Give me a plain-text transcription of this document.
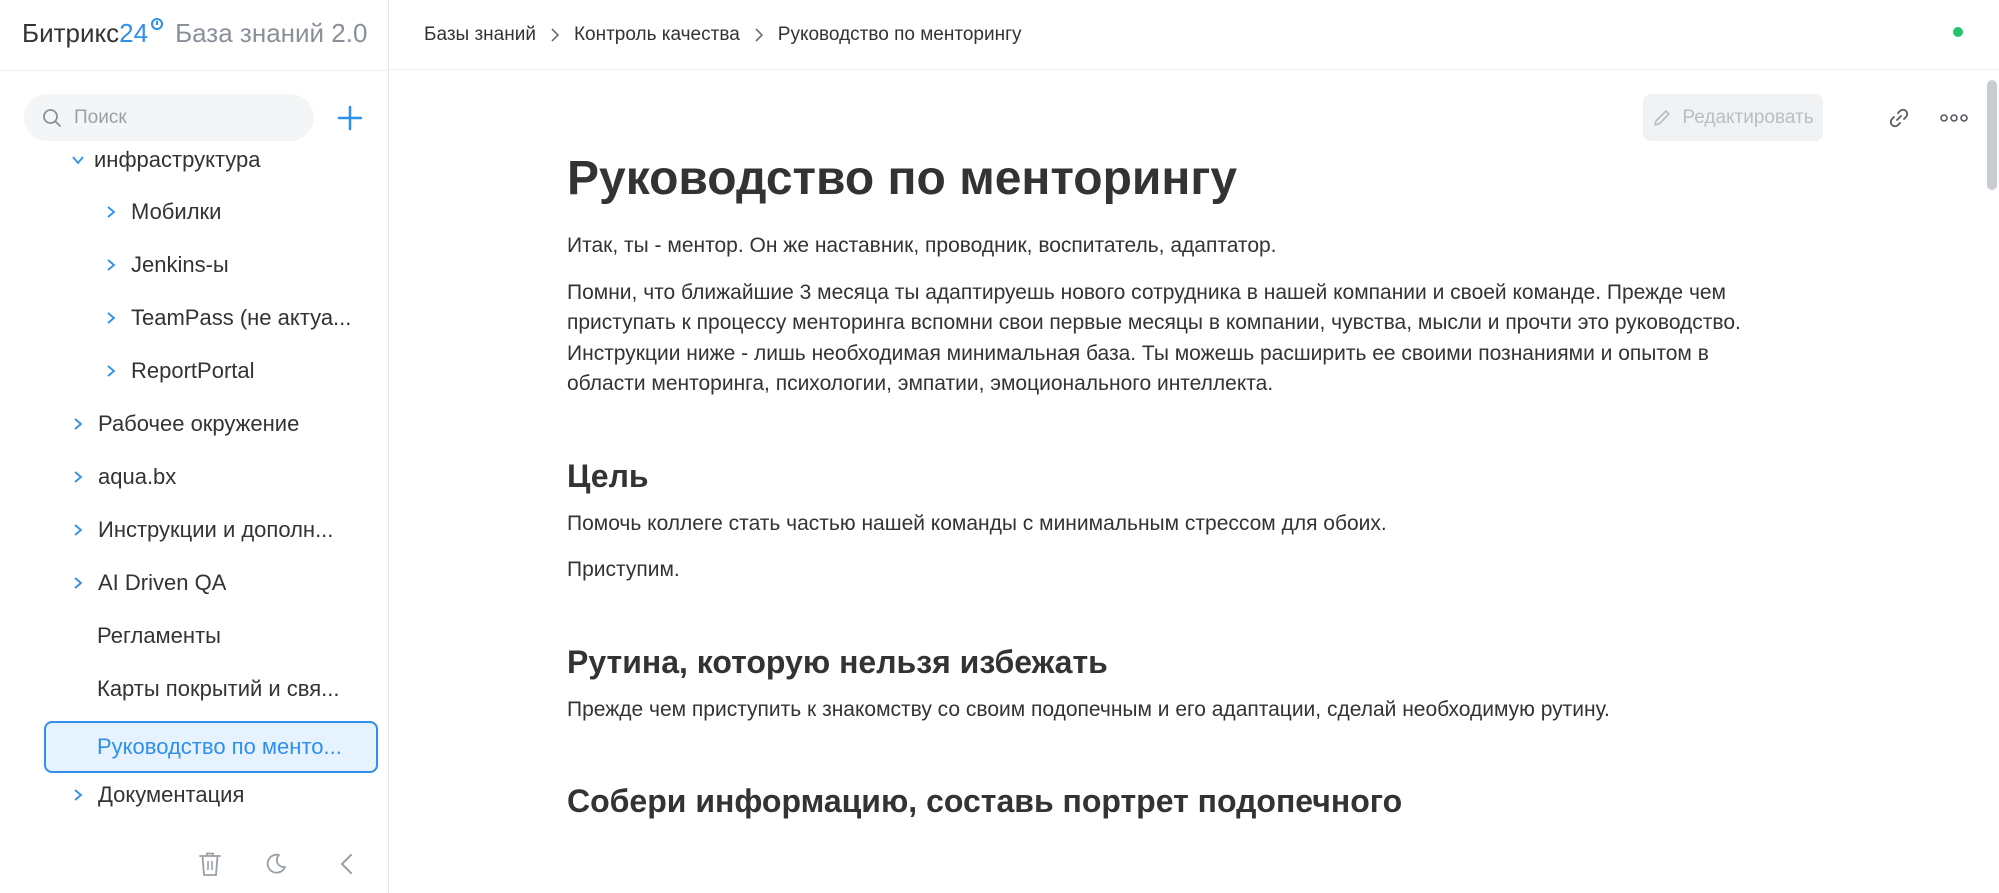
Битрикс 24 База знаний 2.0
Поиск
инфраструктура
Мобилки
Jenkins-ы
TeamPass (не актуа...
ReportPortal
Рабочее окружение
aqua.bx
Инструкции и дополн...
AI Driven QA
Регламенты
Карты покрытий и свя...
Руководство по менто...
Документация
Базы знаний Контроль качества Руководство по менторингу
Редактировать
Руководство по менторингу

Итак, ты - ментор. Он же наставник, проводник, воспитатель, адаптатор.

Помни, что ближайшие 3 месяца ты адаптируешь нового сотрудника в нашей компании и своей команде. Прежде чем

приступать к процессу менторинга вспомни свои первые месяцы в компании, чувства, мысли и прочти это руководство.

Инструкции ниже - лишь необходимая минимальная база. Ты можешь расширить ее своими познаниями и опытом в

области менторинга, психологии, эмпатии, эмоционального интеллекта.

Цель

Помочь коллеге стать частью нашей команды с минимальным стрессом для обоих.

Приступим.

Рутина, которую нельзя избежать

Прежде чем приступить к знакомству со своим подопечным и его адаптации, сделай необходимую рутину.

Собери информацию, составь портрет подопечного
